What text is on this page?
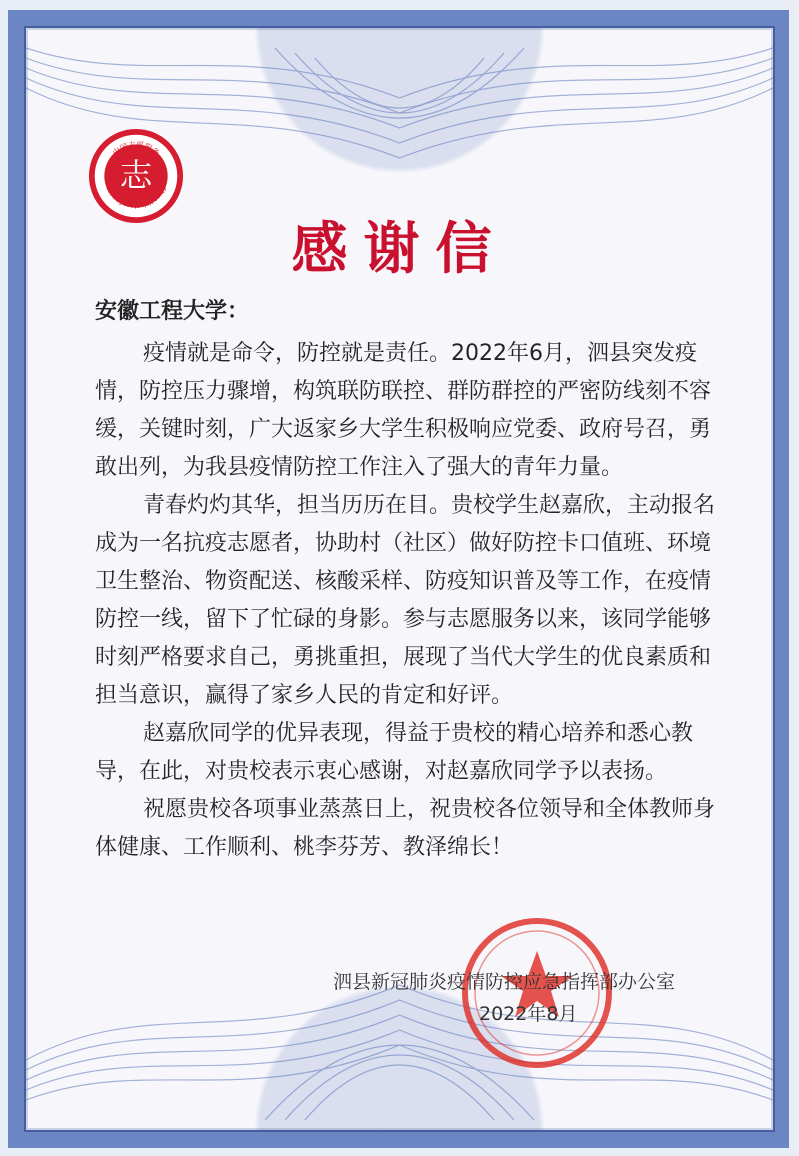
志
中国志愿服务
China Volunteer Service
感谢信

安徽工程大学：

疫情就是命令，防控就是责任。2022年6月，泗县突发疫情，防控压力骤增，构筑联防联控、群防群控的严密防线刻不容缓，关键时刻，广大返家乡大学生积极响应党委、政府号召，勇敢出列，为我县疫情防控工作注入了强大的青年力量。

青春灼灼其华，担当历历在目。贵校学生赵嘉欣，主动报名成为一名抗疫志愿者，协助村（社区）做好防控卡口值班、环境卫生整治、物资配送、核酸采样、防疫知识普及等工作，在疫情防控一线，留下了忙碌的身影。参与志愿服务以来，该同学能够时刻严格要求自己，勇挑重担，展现了当代大学生的优良素质和担当意识，赢得了家乡人民的肯定和好评。

赵嘉欣同学的优异表现，得益于贵校的精心培养和悉心教导，在此，对贵校表示衷心感谢，对赵嘉欣同学予以表扬。

祝愿贵校各项事业蒸蒸日上，祝贵校各位领导和全体教师身体健康、工作顺利、桃李芬芳、教泽绵长！

泗县新冠肺炎疫情防控应急指挥部办公室
2022年8月
